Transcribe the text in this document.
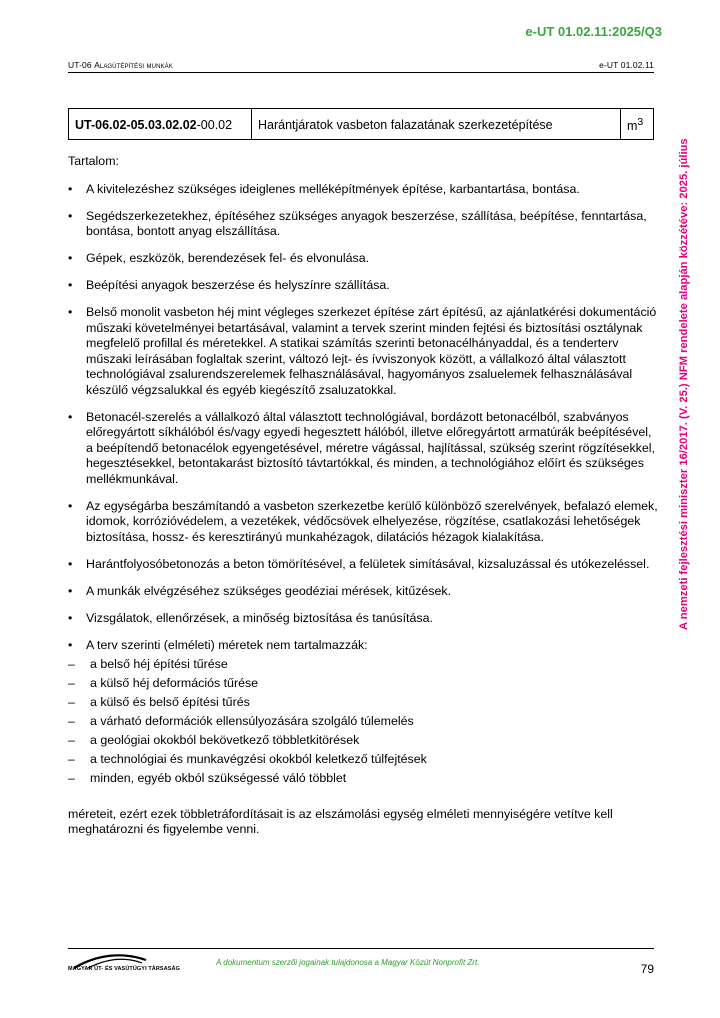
e-UT 01.02.11:2025/Q3
UT-06 Alagútépítési munkák	e-UT 01.02.11
UT-06.02-05.03.02.02-00.02	Harántjáratok vasbeton falazatának szerkezetépítése	$m^3$

Tartalom:

•	A kivitelezéshez szükséges ideiglenes melléképítmények építése, karbantartása, bontása.
•	Segédszerkezetekhez, építéséhez szükséges anyagok beszerzése, szállítása, beépítése, fenntartása, bontása, bontott anyag elszállítása.
•	Gépek, eszközök, berendezések fel- és elvonulása.
•	Beépítési anyagok beszerzése és helyszínre szállítása.
•	Belső monolit vasbeton héj mint végleges szerkezet építése zárt építésű, az ajánlatkérési dokumentáció műszaki követelményei betartásával, valamint a tervek szerint minden fejtési és biztosítási osztálynak megfelelő profillal és méretekkel. A statikai számítás szerinti betonacélhányaddal, és a tenderterv műszaki leírásában foglaltak szerint, változó lejt- és ívviszonyok között, a vállalkozó által választott technológiával zsalurendszerelemek felhasználásával, hagyományos zsaluelemek felhasználásával készülő végzsalukkal és egyéb kiegészítő zsaluzatokkal.
•	Betonacél-szerelés a vállalkozó által választott technológiával, bordázott betonacélból, szabványos előregyártott síkhálóból és/vagy egyedi hegesztett hálóból, illetve előregyártott armatúrák beépítésével, a beépítendő betonacélok egyengetésével, méretre vágással, hajlítással, szükség szerint rögzítésekkel, hegesztésekkel, betontakarást biztosító távtartókkal, és minden, a technológiához előírt és szükséges mellékmunkával.
•	Az egységárba beszámítandó a vasbeton szerkezetbe kerülő különböző szerelvények, befalazó elemek, idomok, korrózióvédelem, a vezetékek, védőcsövek elhelyezése, rögzítése, csatlakozási lehetőségek biztosítása, hossz- és keresztirányú munkahézagok, dilatációs hézagok kialakítása.
•	Harántfolyosóbetonozás a beton tömörítésével, a felületek simításával, kizsaluzással és utókezeléssel.
•	A munkák elvégzéséhez szükséges geodéziai mérések, kitűzések.
•	Vizsgálatok, ellenőrzések, a minőség biztosítása és tanúsítása.
•	A terv szerinti (elméleti) méretek nem tartalmazzák:
– a belső héj építési tűrése
– a külső héj deformációs tűrése
– a külső és belső építési tűrés
– a várható deformációk ellensúlyozására szolgáló túlemelés
– a geológiai okokból bekövetkező többletkitörések
– a technológiai és munkavégzési okokból keletkező túlfejtések
– minden, egyéb okból szükségessé váló többlet

méreteit, ezért ezek többletráfordításait is az elszámolási egység elméleti mennyiségére vetítve kell meghatározni és figyelembe venni.

A nemzeti fejlesztési miniszter 16/2017. (V. 25.) NFM rendelete alapján közzétéve: 2025. július
MAGYAR ÚT- ÉS VASÚTÜGYI TÁRSASÁG
A dokumentum szerzői jogainak tulajdonosa a Magyar Közút Nonprofit Zrt.	79
